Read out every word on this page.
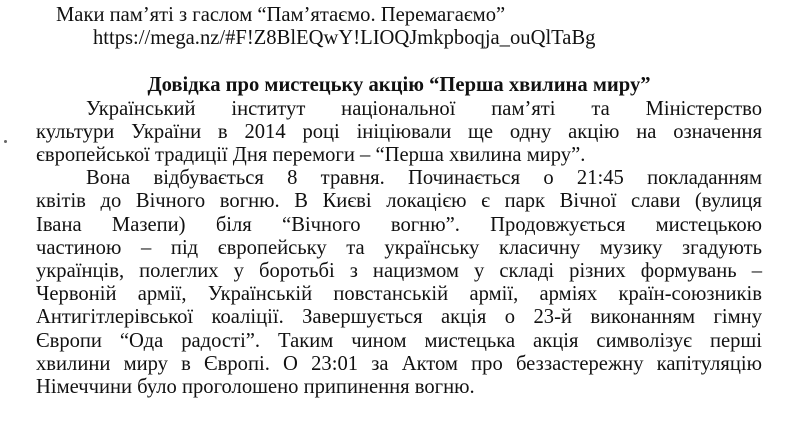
Маки пам’яті з гаслом “Пам’ятаємо. Перемагаємо”
https://mega.nz/#F!Z8BlEQwY!LIOQJmkpboqja_ouQlTaBg
Довідка про мистецьку акцію “Перша хвилина миру”
Український інститут національної пам’яті та Міністерство
культури України в 2014 році ініціювали ще одну акцію на означення
європейської традиції Дня перемоги – “Перша хвилина миру”.
Вона відбувається 8 травня. Починається о 21:45 покладанням
квітів до Вічного вогню. В Києві локацією є парк Вічної слави (вулиця
Івана Мазепи) біля “Вічного вогню”. Продовжується мистецькою
частиною – під європейську та українську класичну музику згадують
українців, полеглих у боротьбі з нацизмом у складі різних формувань –
Червоній армії, Українській повстанській армії, арміях країн-союзників
Антигітлерівської коаліції. Завершується акція о 23-й виконанням гімну
Європи “Ода радості”. Таким чином мистецька акція символізує перші
хвилини миру в Європі. О 23:01 за Актом про беззастережну капітуляцію
Німеччини було проголошено припинення вогню.
